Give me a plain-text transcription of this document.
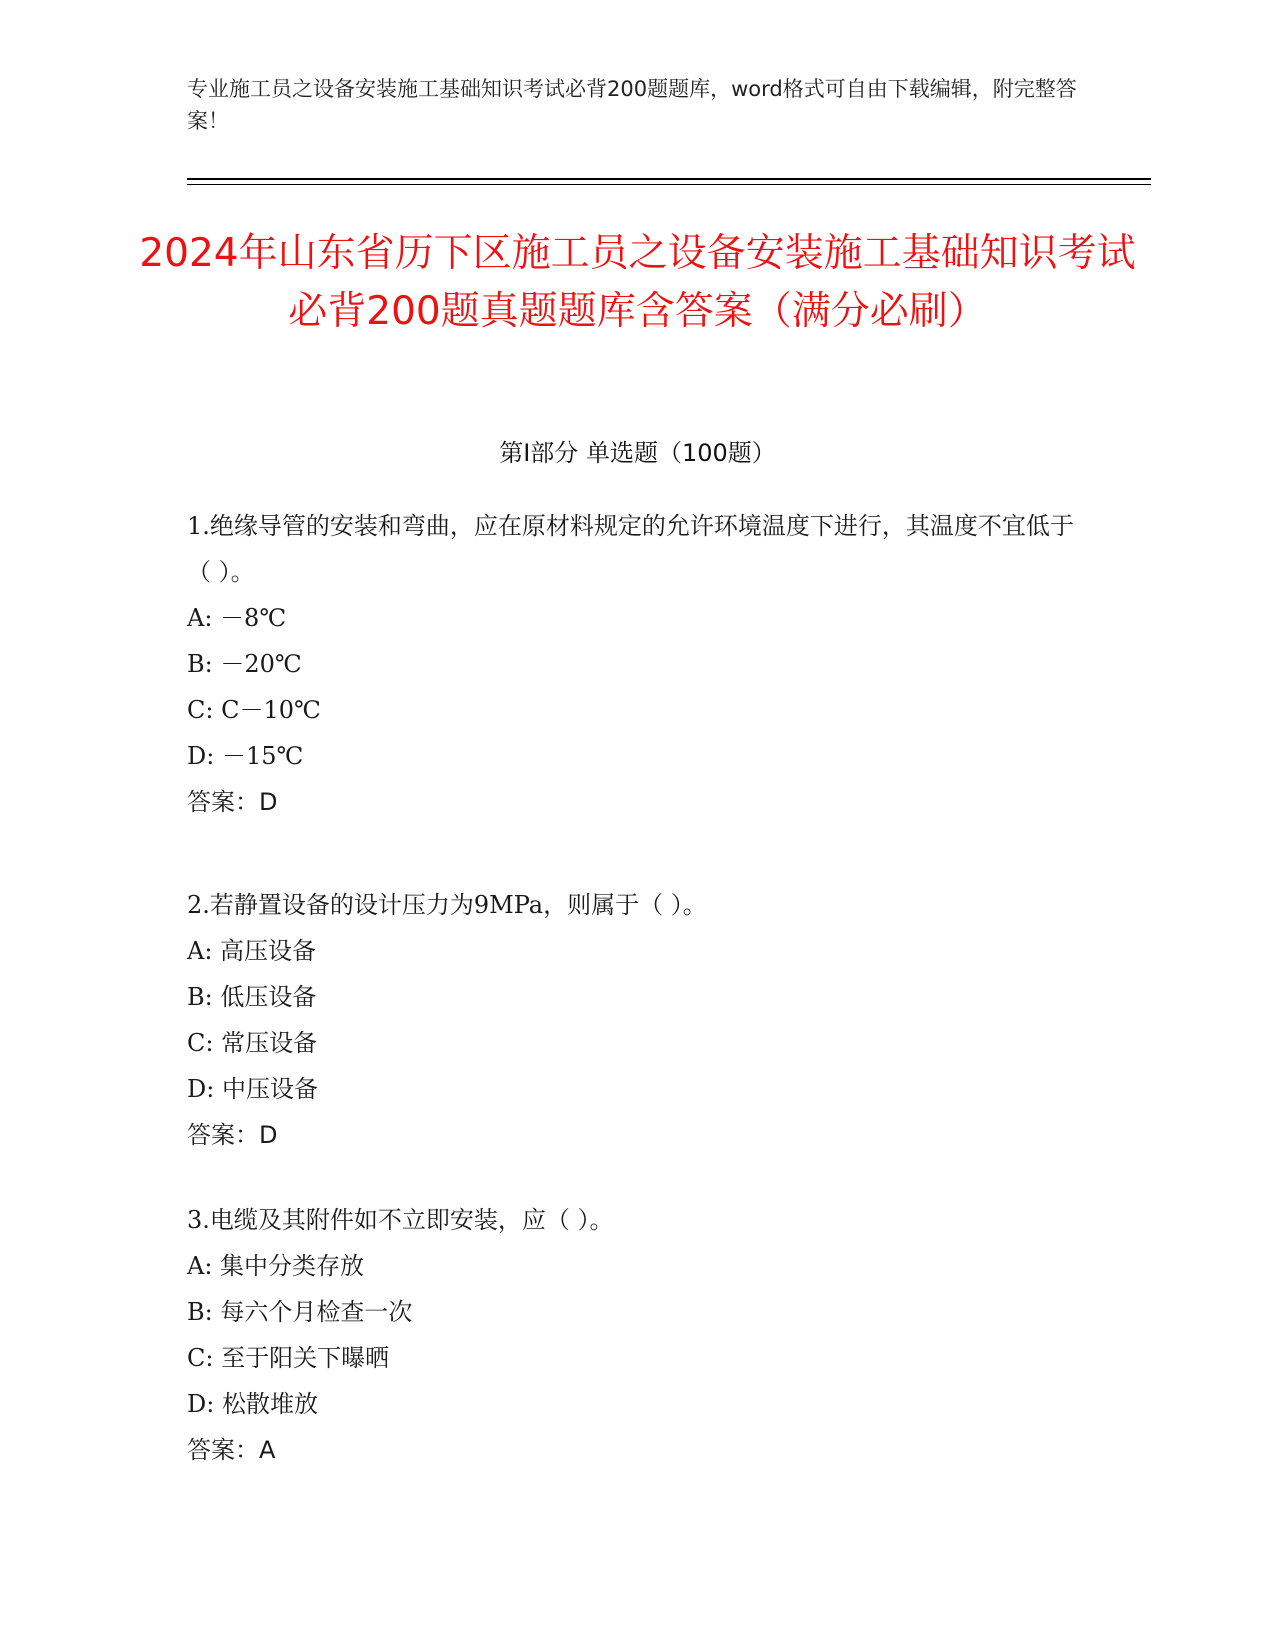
专业施工员之设备安装施工基础知识考试必背200题题库，word格式可自由下载编辑，附完整答案！
2024年山东省历下区施工员之设备安装施工基础知识考试必背200题真题题库含答案（满分必刷）
第I部分 单选题（100题）
1.绝缘导管的安装和弯曲，应在原材料规定的允许环境温度下进行，其温度不宜低于（ ）。
A: －8℃
B: －20℃
C: C－10℃
D: －15℃
答案：D
2.若静置设备的设计压力为9MPa，则属于（ ）。
A: 高压设备
B: 低压设备
C: 常压设备
D: 中压设备
答案：D
3.电缆及其附件如不立即安装，应（ ）。
A: 集中分类存放
B: 每六个月检查一次
C: 至于阳关下曝晒
D: 松散堆放
答案：A
